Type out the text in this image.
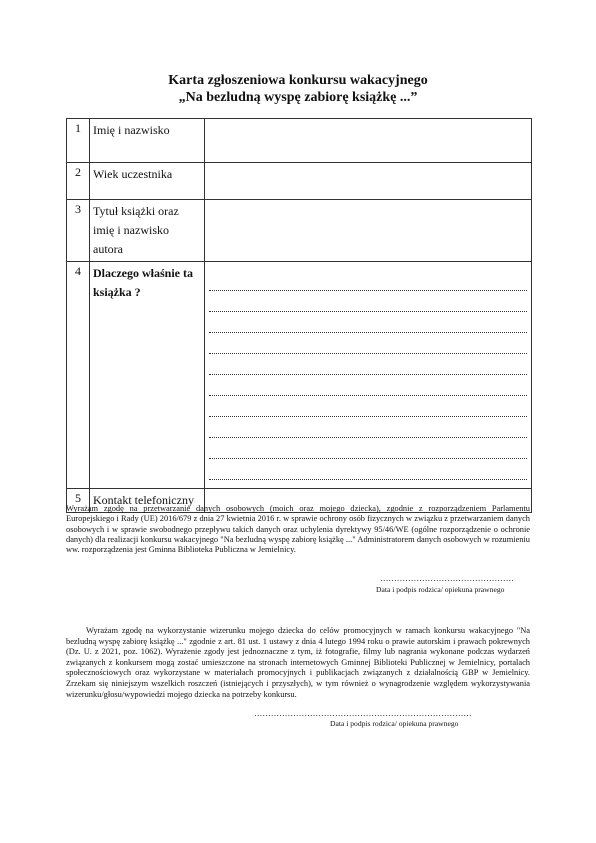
Karta zgłoszeniowa konkursu wakacyjnego
„Na bezludną wyspę zabiorę książkę ...”
1	Imię i nazwisko	
2	Wiek uczestnika	
3	Tytuł książki oraz
imię i nazwisko autora	

4	Dlaczego właśnie ta
książka ?	

5	Kontakt telefoniczny	
Wyrażam zgodę na przetwarzanie danych osobowych (moich oraz mojego dziecka), zgodnie z rozporządzeniem Parlamentu Europejskiego i Rady (UE) 2016/679 z dnia 27 kwietnia 2016 r. w sprawie ochrony osób fizycznych w związku z przetwarzaniem danych osobowych i w sprawie swobodnego przepływu takich danych oraz uchylenia dyrektywy 95/46/WE (ogólne rozporządzenie o ochronie danych) dla realizacji konkursu wakacyjnego "Na bezludną wyspę zabiorę książkę ..." Administratorem danych osobowych w rozumieniu ww. rozporządzenia jest Gminna Biblioteka Publiczna w Jemielnicy.
…………………………………………
Data i podpis rodzica/ opiekuna prawnego
Wyrażam zgodę na wykorzystanie wizerunku mojego dziecka do celów promocyjnych w ramach konkursu wakacyjnego "Na bezludną wyspę zabiorę książkę ..." zgodnie z art. 81 ust. 1 ustawy z dnia 4 lutego 1994 roku o prawie autorskim i prawach pokrewnych (Dz. U. z 2021, poz. 1062). Wyrażenie zgody jest jednoznaczne z tym, iż fotografie, filmy lub nagrania wykonane podczas wydarzeń związanych z konkursem mogą zostać umieszczone na stronach internetowych Gminnej Biblioteki Publicznej w Jemielnicy, portalach społecznościowych oraz wykorzystane w materiałach promocyjnych i publikacjach związanych z działalnością GBP w Jemielnicy. Zrzekam się niniejszym wszelkich roszczeń (istniejących i przyszłych), w tym również o wynagrodzenie względem wykorzystywania wizerunku/głosu/wypowiedzi mojego dziecka na potrzeby konkursu.
……………………………………………………………………
Data i podpis rodzica/ opiekuna prawnego
